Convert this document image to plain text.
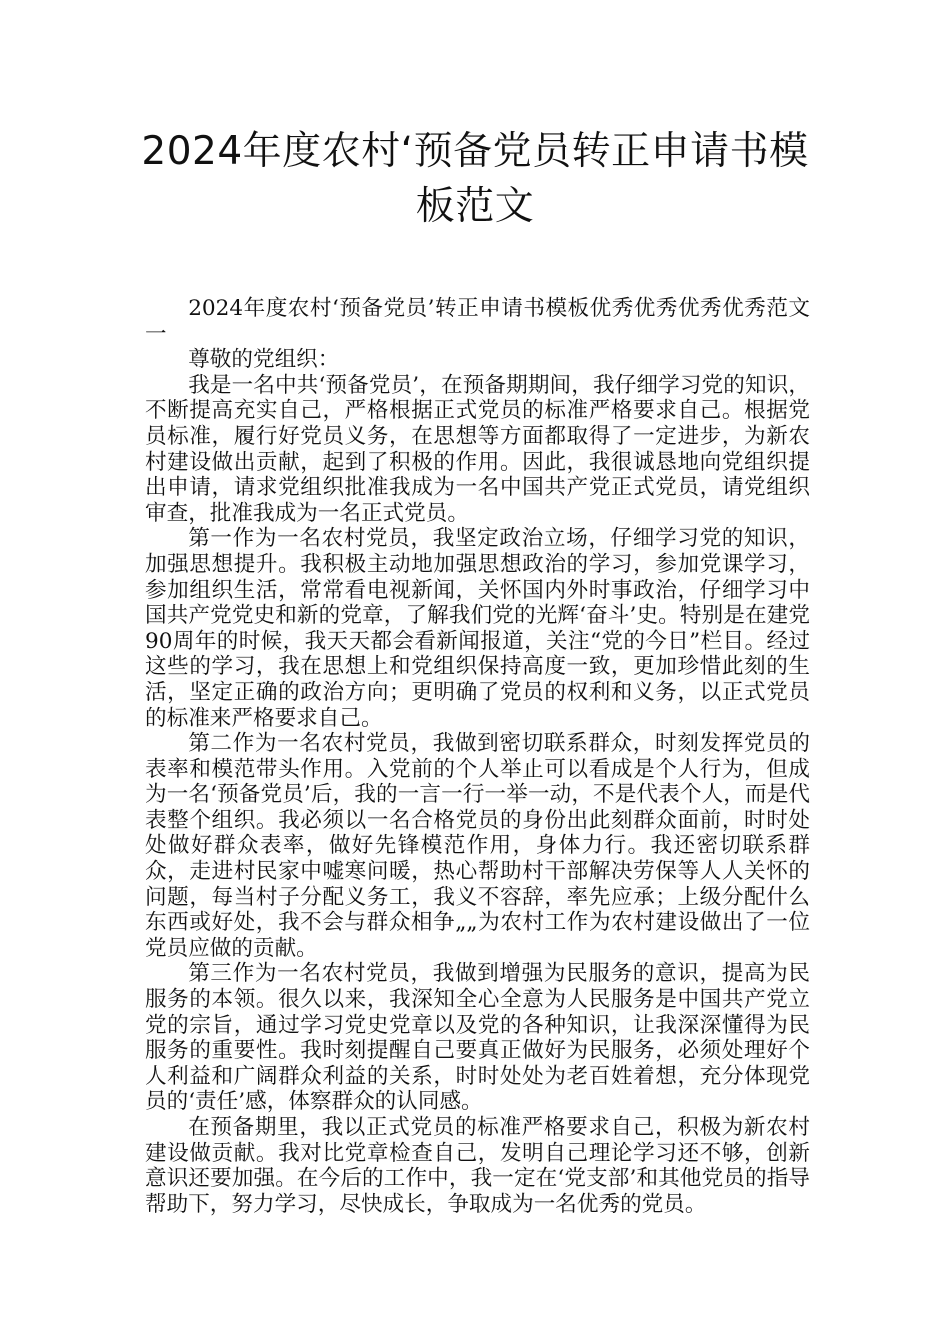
2024年度农村‘预备党员转正申请书模
板范文

2024年度农村‘预备党员’转正申请书模板优秀优秀优秀优秀范文一

尊敬的党组织：

我是一名中共‘预备党员’，在预备期期间，我仔细学习党的知识，不断提高充实自己，严格根据正式党员的标准严格要求自己。根据党员标准，履行好党员义务，在思想等方面都取得了一定进步，为新农村建设做出贡献，起到了积极的作用。因此，我很诚恳地向党组织提出申请，请求党组织批准我成为一名中国共产党正式党员，请党组织审查，批准我成为一名正式党员。

第一作为一名农村党员，我坚定政治立场，仔细学习党的知识，加强思想提升。我积极主动地加强思想政治的学习，参加党课学习，参加组织生活，常常看电视新闻，关怀国内外时事政治，仔细学习中国共产党党史和新的党章，了解我们党的光辉‘奋斗’史。特别是在建党90周年的时候，我天天都会看新闻报道，关注“党的今日”栏目。经过这些的学习，我在思想上和党组织保持高度一致，更加珍惜此刻的生活，坚定正确的政治方向；更明确了党员的权利和义务，以正式党员的标准来严格要求自己。

第二作为一名农村党员，我做到密切联系群众，时刻发挥党员的表率和模范带头作用。入党前的个人举止可以看成是个人行为，但成为一名‘预备党员’后，我的一言一行一举一动，不是代表个人，而是代表整个组织。我必须以一名合格党员的身份出此刻群众面前，时时处处做好群众表率，做好先锋模范作用，身体力行。我还密切联系群众，走进村民家中嘘寒问暖，热心帮助村干部解决劳保等人人关怀的问题，每当村子分配义务工，我义不容辞，率先应承；上级分配什么东西或好处，我不会与群众相争„„为农村工作为农村建设做出了一位党员应做的贡献。

第三作为一名农村党员，我做到增强为民服务的意识，提高为民服务的本领。很久以来，我深知全心全意为人民服务是中国共产党立党的宗旨，通过学习党史党章以及党的各种知识，让我深深懂得为民服务的重要性。我时刻提醒自己要真正做好为民服务，必须处理好个人利益和广阔群众利益的关系，时时处处为老百姓着想，充分体现党员的‘责任’感，体察群众的认同感。

在预备期里，我以正式党员的标准严格要求自己，积极为新农村建设做贡献。我对比党章检查自己，发明自己理论学习还不够，创新意识还要加强。在今后的工作中，我一定在‘党支部’和其他党员的指导帮助下，努力学习，尽快成长，争取成为一名优秀的党员。
